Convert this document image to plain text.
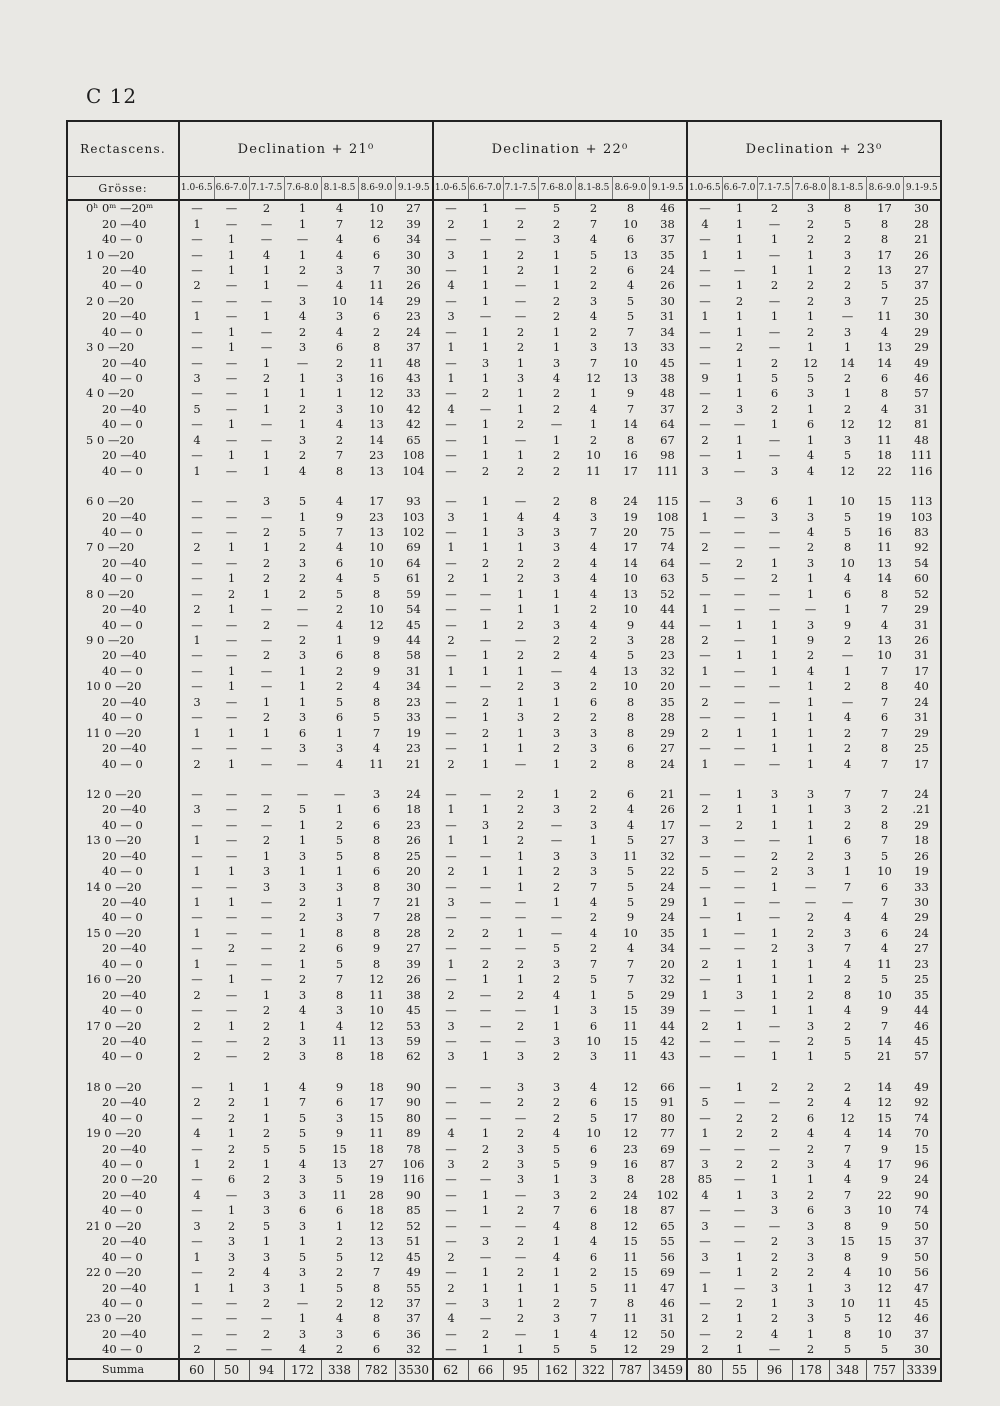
C 12
Rectascens.	Declination + 21⁰							Declination + 22⁰							Declination + 23⁰						
Grösse:	1.0-6.5	6.6-7.0	7.1-7.5	7.6-8.0	8.1-8.5	8.6-9.0	9.1-9.5	1.0-6.5	6.6-7.0	7.1-7.5	7.6-8.0	8.1-8.5	8.6-9.0	9.1-9.5	1.0-6.5	6.6-7.0	7.1-7.5	7.6-8.0	8.1-8.5	8.6-9.0	9.1-9.5
0ʰ 0ᵐ —20ᵐ	—	—	2	1	4	10	27	—	1	—	5	2	8	46	—	1	2	3	8	17	30
20 —40	1	—	—	1	7	12	39	2	1	2	2	7	10	38	4	1	—	2	5	8	28
40 — 0	—	1	—	—	4	6	34	—	—	—	3	4	6	37	—	1	1	2	2	8	21
1 0 —20	—	1	4	1	4	6	30	3	1	2	1	5	13	35	1	1	—	1	3	17	26
20 —40	—	1	1	2	3	7	30	—	1	2	1	2	6	24	—	—	1	1	2	13	27
40 — 0	2	—	1	—	4	11	26	4	1	—	1	2	4	26	—	1	2	2	2	5	37
2 0 —20	—	—	—	3	10	14	29	—	1	—	2	3	5	30	—	2	—	2	3	7	25
20 —40	1	—	1	4	3	6	23	3	—	—	2	4	5	31	1	1	1	1	—	11	30
40 — 0	—	1	—	2	4	2	24	—	1	2	1	2	7	34	—	1	—	2	3	4	29
3 0 —20	—	1	—	3	6	8	37	1	1	2	1	3	13	33	—	2	—	1	1	13	29
20 —40	—	—	1	—	2	11	48	—	3	1	3	7	10	45	—	1	2	12	14	14	49
40 — 0	3	—	2	1	3	16	43	1	1	3	4	12	13	38	9	1	5	5	2	6	46
4 0 —20	—	—	1	1	1	12	33	—	2	1	2	1	9	48	—	1	6	3	1	8	57
20 —40	5	—	1	2	3	10	42	4	—	1	2	4	7	37	2	3	2	1	2	4	31
40 — 0	—	1	—	1	4	13	42	—	1	2	—	1	14	64	—	—	1	6	12	12	81
5 0 —20	4	—	—	3	2	14	65	—	1	—	1	2	8	67	2	1	—	1	3	11	48
20 —40	—	1	1	2	7	23	108	—	1	1	2	10	16	98	—	1	—	4	5	18	111
40 — 0	1	—	1	4	8	13	104	—	2	2	2	11	17	111	3	—	3	4	12	22	116

6 0 —20	—	—	3	5	4	17	93	—	1	—	2	8	24	115	—	3	6	1	10	15	113
20 —40	—	—	—	1	9	23	103	3	1	4	4	3	19	108	1	—	3	3	5	19	103
40 — 0	—	—	2	5	7	13	102	—	1	3	3	7	20	75	—	—	—	4	5	16	83
7 0 —20	2	1	1	2	4	10	69	1	1	1	3	4	17	74	2	—	—	2	8	11	92
20 —40	—	—	2	3	6	10	64	—	2	2	2	4	14	64	—	2	1	3	10	13	54
40 — 0	—	1	2	2	4	5	61	2	1	2	3	4	10	63	5	—	2	1	4	14	60
8 0 —20	—	2	1	2	5	8	59	—	—	1	1	4	13	52	—	—	—	1	6	8	52
20 —40	2	1	—	—	2	10	54	—	—	1	1	2	10	44	1	—	—	—	1	7	29
40 — 0	—	—	2	—	4	12	45	—	1	2	3	4	9	44	—	1	1	3	9	4	31
9 0 —20	1	—	—	2	1	9	44	2	—	—	2	2	3	28	2	—	1	9	2	13	26
20 —40	—	—	2	3	6	8	58	—	1	2	2	4	5	23	—	1	1	2	—	10	31
40 — 0	—	1	—	1	2	9	31	1	1	1	—	4	13	32	1	—	1	4	1	7	17
10 0 —20	—	1	—	1	2	4	34	—	—	2	3	2	10	20	—	—	—	1	2	8	40
20 —40	3	—	1	1	5	8	23	—	2	1	1	6	8	35	2	—	—	1	—	7	24
40 — 0	—	—	2	3	6	5	33	—	1	3	2	2	8	28	—	—	1	1	4	6	31
11 0 —20	1	1	1	6	1	7	19	—	2	1	3	3	8	29	2	1	1	1	2	7	29
20 —40	—	—	—	3	3	4	23	—	1	1	2	3	6	27	—	—	1	1	2	8	25
40 — 0	2	1	—	—	4	11	21	2	1	—	1	2	8	24	1	—	—	1	4	7	17

12 0 —20	—	—	—	—	—	3	24	—	—	2	1	2	6	21	—	1	3	3	7	7	24
20 —40	3	—	2	5	1	6	18	1	1	2	3	2	4	26	2	1	1	1	3	2	.21
40 — 0	—	—	—	1	2	6	23	—	3	2	—	3	4	17	—	2	1	1	2	8	29
13 0 —20	1	—	2	1	5	8	26	1	1	2	—	1	5	27	3	—	—	1	6	7	18
20 —40	—	—	1	3	5	8	25	—	—	1	3	3	11	32	—	—	2	2	3	5	26
40 — 0	1	1	3	1	1	6	20	2	1	1	2	3	5	22	5	—	2	3	1	10	19
14 0 —20	—	—	3	3	3	8	30	—	—	1	2	7	5	24	—	—	1	—	7	6	33
20 —40	1	1	—	2	1	7	21	3	—	—	1	4	5	29	1	—	—	—	—	7	30
40 — 0	—	—	—	2	3	7	28	—	—	—	—	2	9	24	—	1	—	2	4	4	29
15 0 —20	1	—	—	1	8	8	28	2	2	1	—	4	10	35	1	—	1	2	3	6	24
20 —40	—	2	—	2	6	9	27	—	—	—	5	2	4	34	—	—	2	3	7	4	27
40 — 0	1	—	—	1	5	8	39	1	2	2	3	7	7	20	2	1	1	1	4	11	23
16 0 —20	—	1	—	2	7	12	26	—	1	1	2	5	7	32	—	1	1	1	2	5	25
20 —40	2	—	1	3	8	11	38	2	—	2	4	1	5	29	1	3	1	2	8	10	35
40 — 0	—	—	2	4	3	10	45	—	—	—	1	3	15	39	—	—	1	1	4	9	44
17 0 —20	2	1	2	1	4	12	53	3	—	2	1	6	11	44	2	1	—	3	2	7	46
20 —40	—	—	2	3	11	13	59	—	—	—	3	10	15	42	—	—	—	2	5	14	45
40 — 0	2	—	2	3	8	18	62	3	1	3	2	3	11	43	—	—	1	1	5	21	57

18 0 —20	—	1	1	4	9	18	90	—	—	3	3	4	12	66	—	1	2	2	2	14	49
20 —40	2	2	1	7	6	17	90	—	—	2	2	6	15	91	5	—	—	2	4	12	92
40 — 0	—	2	1	5	3	15	80	—	—	—	2	5	17	80	—	2	2	6	12	15	74
19 0 —20	4	1	2	5	9	11	89	4	1	2	4	10	12	77	1	2	2	4	4	14	70
20 —40	—	2	5	5	15	18	78	—	2	3	5	6	23	69	—	—	—	2	7	9	15
40 — 0	1	2	1	4	13	27	106	3	2	3	5	9	16	87	3	2	2	3	4	17	96
20 0 —20	—	6	2	3	5	19	116	—	—	3	1	3	8	28	85	—	1	1	4	9	24
20 —40	4	—	3	3	11	28	90	—	1	—	3	2	24	102	4	1	3	2	7	22	90
40 — 0	—	1	3	6	6	18	85	—	1	2	7	6	18	87	—	—	3	6	3	10	74
21 0 —20	3	2	5	3	1	12	52	—	—	—	4	8	12	65	3	—	—	3	8	9	50
20 —40	—	3	1	1	2	13	51	—	3	2	1	4	15	55	—	—	2	3	15	15	37
40 — 0	1	3	3	5	5	12	45	2	—	—	4	6	11	56	3	1	2	3	8	9	50
22 0 —20	—	2	4	3	2	7	49	—	1	2	1	2	15	69	—	1	2	2	4	10	56
20 —40	1	1	3	1	5	8	55	2	1	1	1	5	11	47	1	—	3	1	3	12	47
40 — 0	—	—	2	—	2	12	37	—	3	1	2	7	8	46	—	2	1	3	10	11	45
23 0 —20	—	—	—	1	4	8	37	4	—	2	3	7	11	31	2	1	2	3	5	12	46
20 —40	—	—	2	3	3	6	36	—	2	—	1	4	12	50	—	2	4	1	8	10	37
40 — 0	2	—	—	4	2	6	32	—	1	1	5	5	12	29	2	1	—	2	5	5	30
Summa	60	50	94	172	338	782	3530	62	66	95	162	322	787	3459	80	55	96	178	348	757	3339
